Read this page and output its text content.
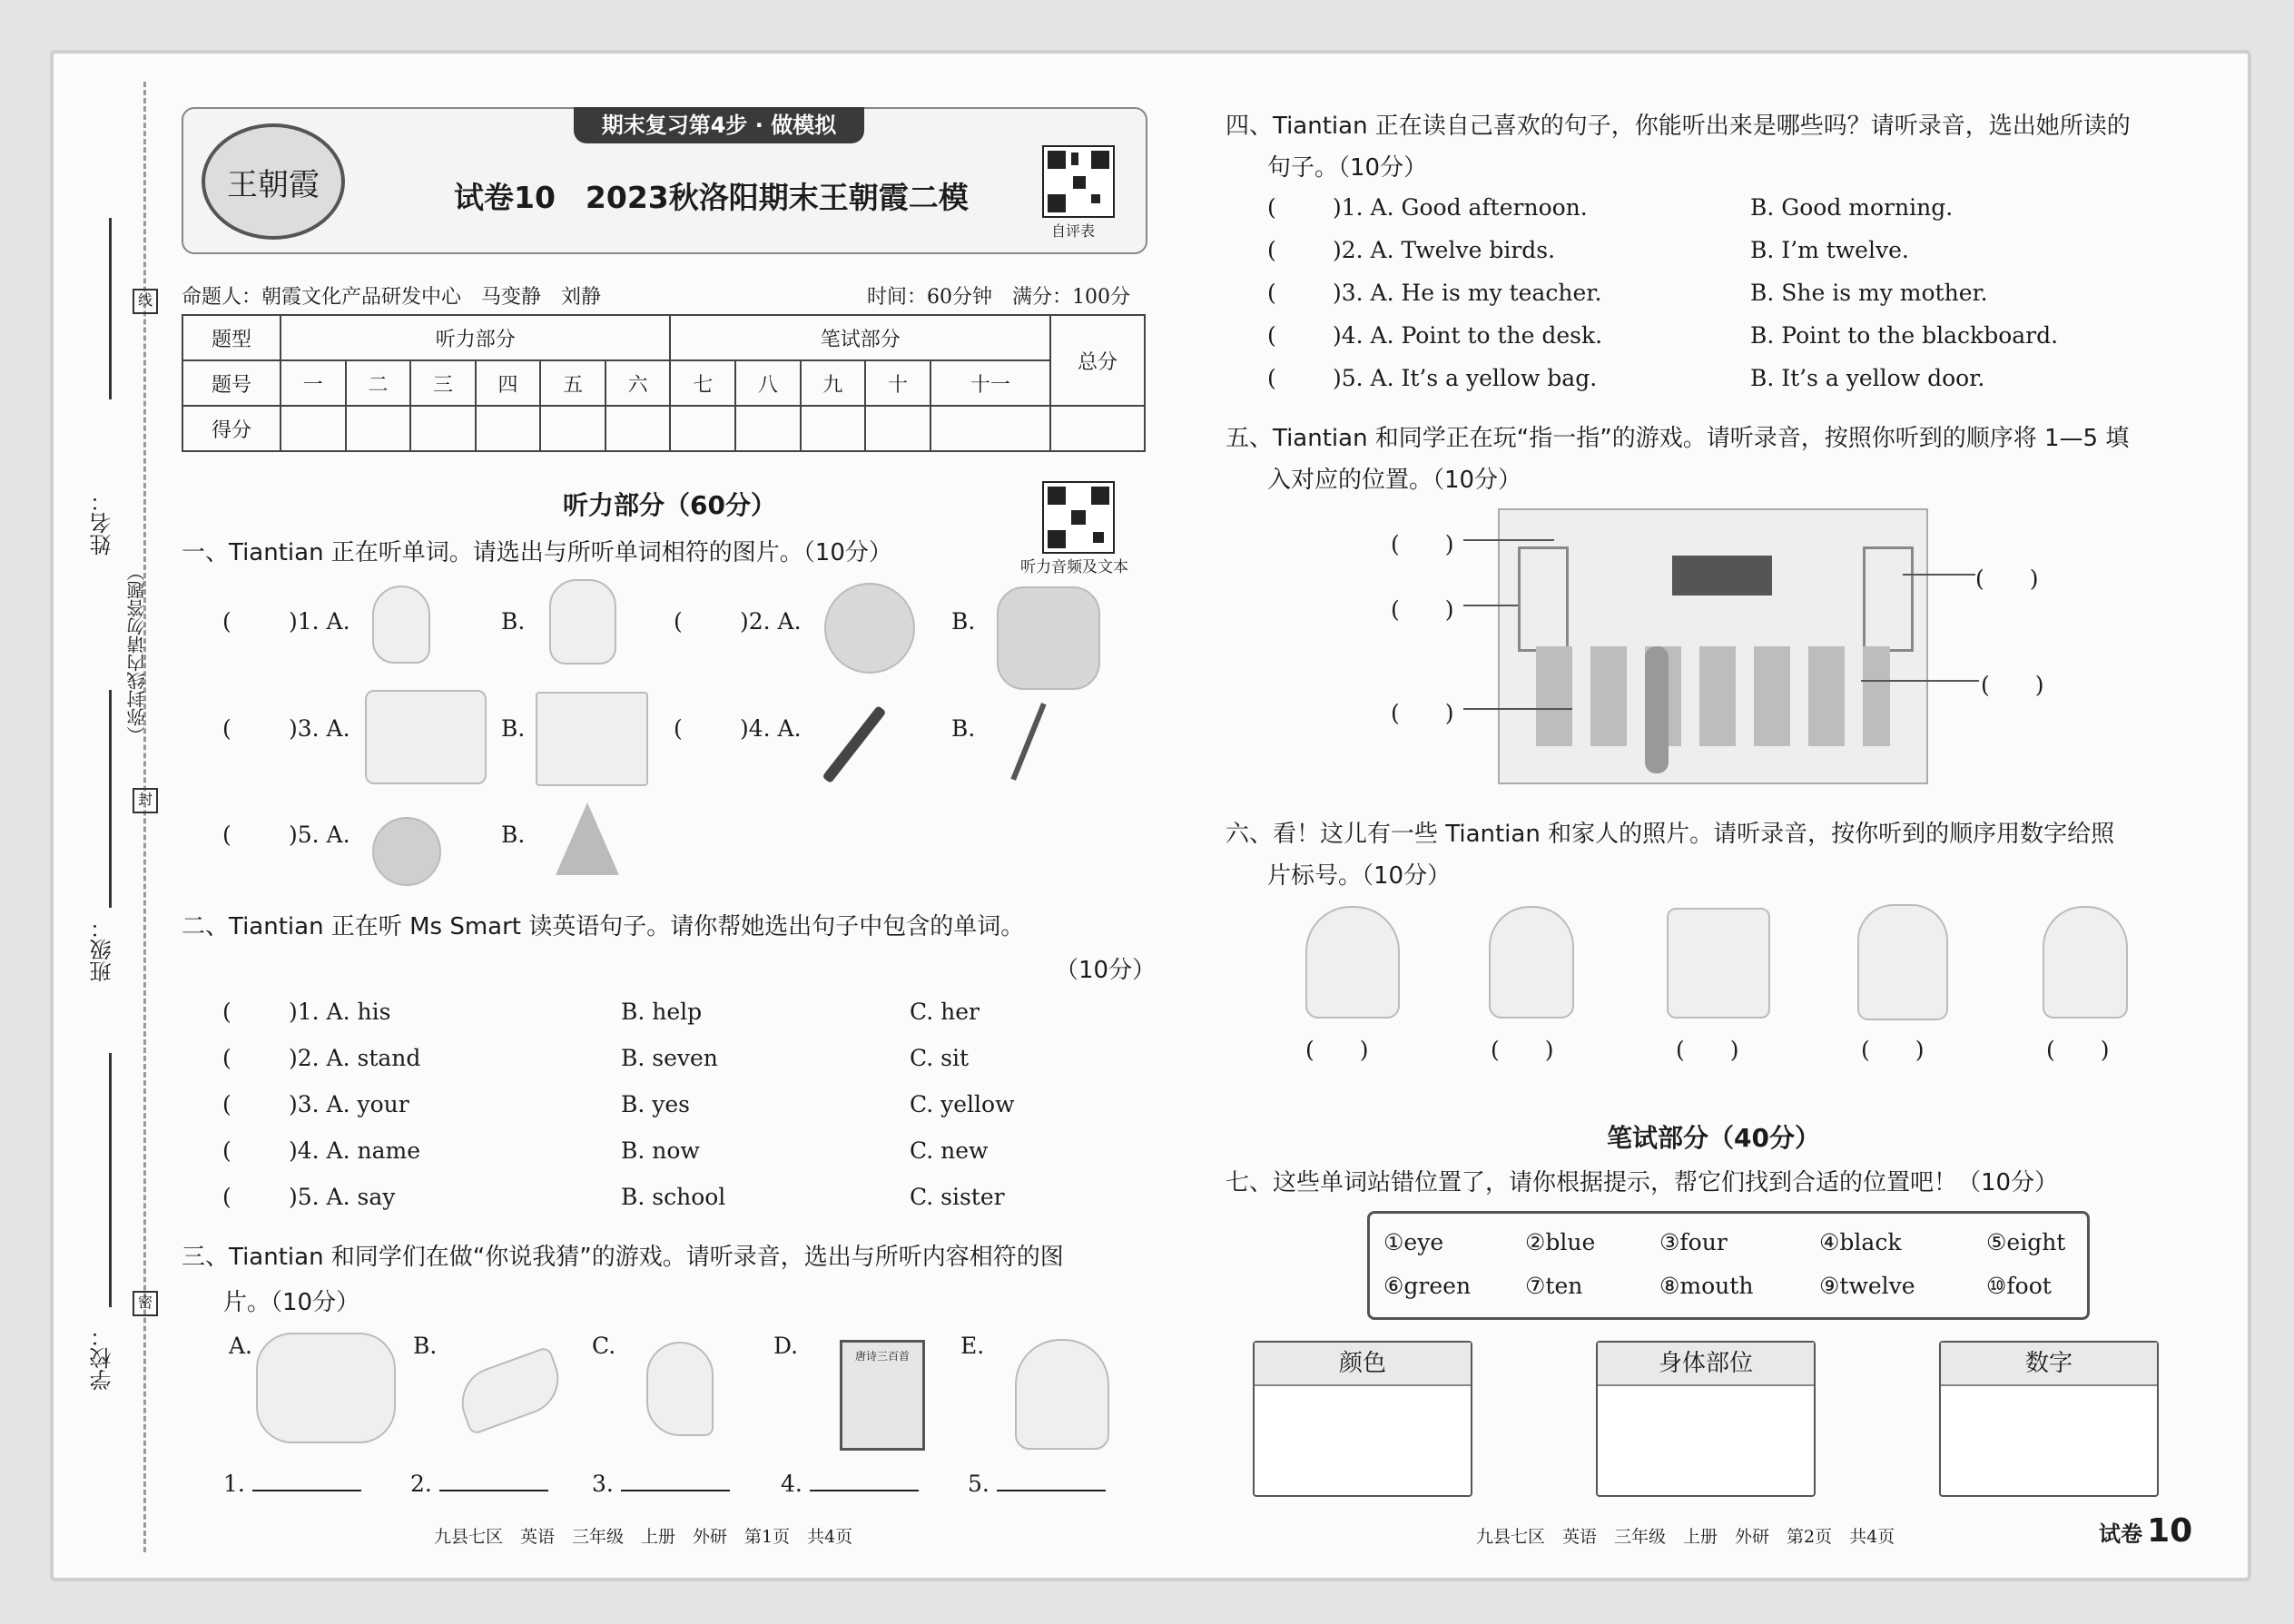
姓名：
班级：
学校：
（弥封线内请勿答题）
线
封
密
期末复习第4步 · 做模拟
王朝霞	试卷10　2023秋洛阳期末王朝霞二模
自评表
命题人：朝霞文化产品研发中心　马变静　刘静	时间：60分钟　满分：100分
题型	听力部分						笔试部分					总分
题号	一	二	三	四	五	六	七	八	九	十	十一	
得分												
听力部分（60分）
听力音频及文本
一、Tiantian 正在听单词。请选出与所听单词相符的图片。（10分）
(	)1. A.	B.	(	)2. A.	B.
(	)3. A.	B.	(	)4. A.	B.
(	)5. A.	B.
二、Tiantian 正在听 Ms Smart 读英语句子。请你帮她选出句子中包含的单词。
（10分）
(	)1. A. his	B. help	C. her
(	)2. A. stand	B. seven	C. sit
(	)3. A. your	B. yes	C. yellow
(	)4. A. name	B. now	C. new
(	)5. A. say	B. school	C. sister
三、Tiantian 和同学们在做“你说我猜”的游戏。请听录音，选出与所听内容相符的图
片。（10分）
A.	B.	C.	D.	唐诗三百首	E.
1.	2.	3.	4.	5.
九县七区　英语　三年级　上册　外研　第1页　共4页
四、Tiantian 正在读自己喜欢的句子，你能听出来是哪些吗？请听录音，选出她所读的
句子。（10分）
( )1. A. Good afternoon.	B. Good morning.
( )2. A. Twelve birds.	B. I’m twelve.
( )3. A. He is my teacher.	B. She is my mother.
( )4. A. Point to the desk.	B. Point to the blackboard.
( )5. A. It’s a yellow bag.	B. It’s a yellow door.
五、Tiantian 和同学正在玩“指一指”的游戏。请听录音，按照你听到的顺序将 1—5 填
入对应的位置。（10分）
(　　)
(　　)
(　　)
(　　)
(　　)
六、看！这儿有一些 Tiantian 和家人的照片。请听录音，按你听到的顺序用数字给照
片标号。（10分）
(　　)	(　　)	(　　)	(　　)	(　　)
笔试部分（40分）
七、这些单词站错位置了，请你根据提示，帮它们找到合适的位置吧！（10分）
①eye	②blue	③four	④black	⑤eight
⑥green ⑦ten	⑧mouth	⑨twelve	⑩foot
颜色	身体部位	数字
九县七区　英语　三年级　上册　外研　第2页　共4页	试卷 10
